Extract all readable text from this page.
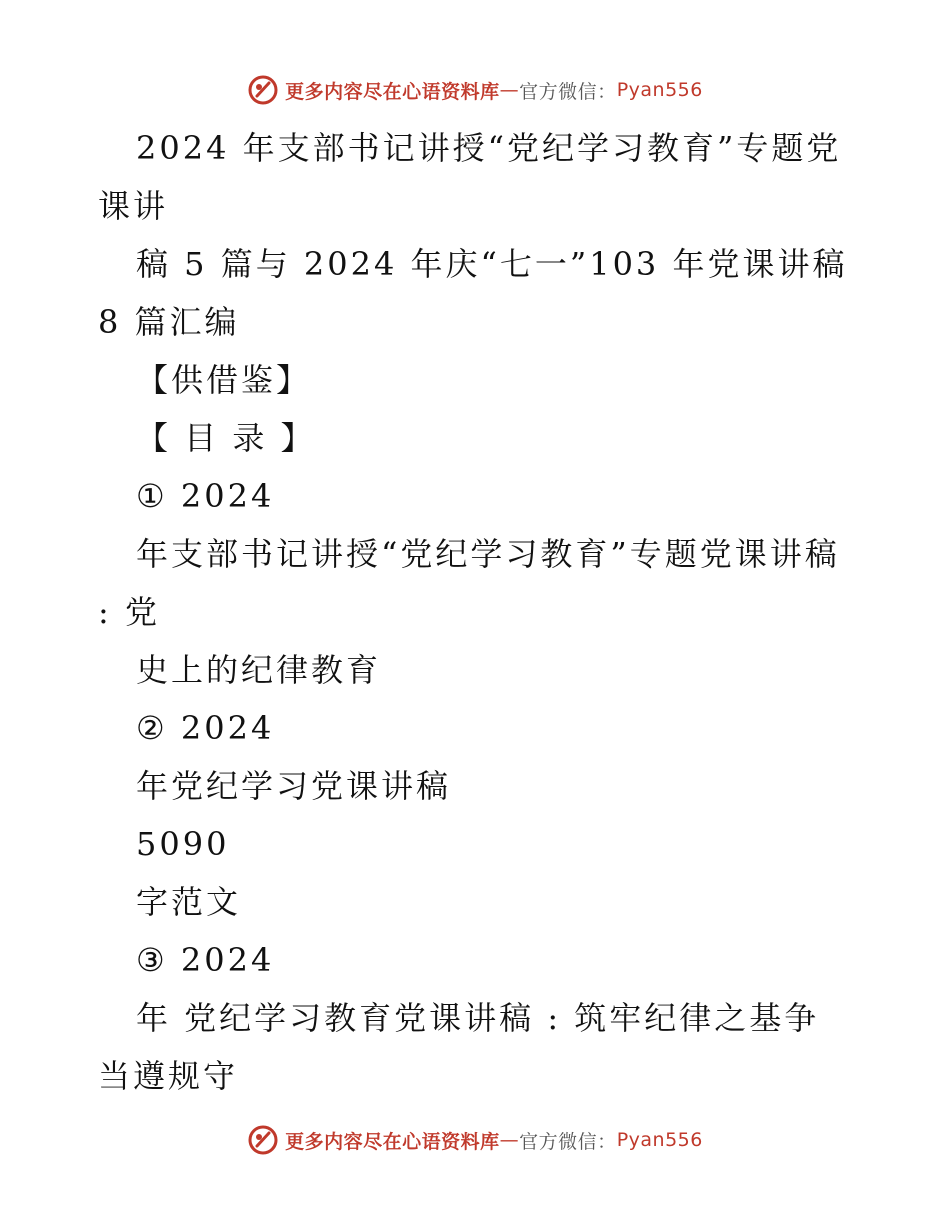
更多内容尽在心语资料库 — 官方微信： Pyan556
2024 年支部书记讲授“党纪学习教育”专题党
课讲
稿 5 篇与 2024 年庆“七一”103 年党课讲稿
8 篇汇编
【供借鉴】
【 目 录 】
① 2024
年支部书记讲授“党纪学习教育”专题党课讲稿
: 党
史上的纪律教育
② 2024
年党纪学习党课讲稿
5090
字范文
③ 2024
年 党纪学习教育党课讲稿 : 筑牢纪律之基争
当遵规守
更多内容尽在心语资料库 — 官方微信： Pyan556
